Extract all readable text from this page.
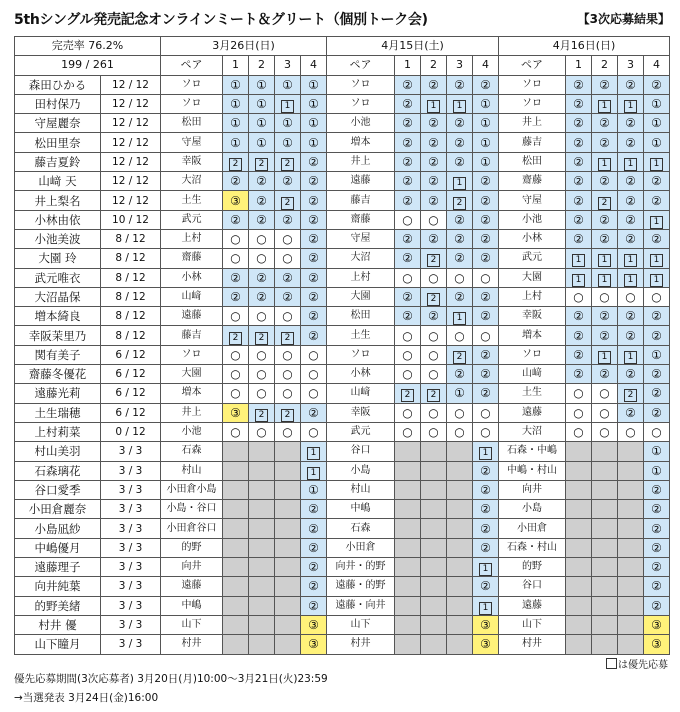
5thシングル発売記念オンラインミート＆グリート（個別トーク会)	【3次応募結果】
完売率 76.2%		3月26日(日)					4月15日(土)					4月16日(日)				
199 / 261		ペア	1	2	3	4	ペア	1	2	3	4	ペア	1	2	3	4
森田ひかる	12 / 12	ソロ	①	①	①	①	ソロ	②	②	②	②	ソロ	②	②	②	②
田村保乃	12 / 12	ソロ	①	①	1	①	ソロ	②	1	1	①	ソロ	②	1	1	①
守屋麗奈	12 / 12	松田	①	①	①	①	小池	②	②	②	①	井上	②	②	②	①
松田里奈	12 / 12	守屋	①	①	①	①	増本	②	②	②	①	藤吉	②	②	②	①
藤吉夏鈴	12 / 12	幸阪	2	2	2	②	井上	②	②	②	①	松田	②	1	1	1
山﨑 天	12 / 12	大沼	②	②	②	②	遠藤	②	②	1	②	齋藤	②	②	②	②
井上梨名	12 / 12	土生	③	②	2	②	藤吉	②	②	2	②	守屋	②	2	②	②
小林由依	10 / 12	武元	②	②	②	②	齋藤	○	○	②	②	小池	②	②	②	1
小池美波	8 / 12	上村	○	○	○	②	守屋	②	②	②	②	小林	②	②	②	②
大園 玲	8 / 12	齋藤	○	○	○	②	大沼	②	2	②	②	武元	1	1	1	1
武元唯衣	8 / 12	小林	②	②	②	②	上村	○	○	○	○	大園	1	1	1	1
大沼晶保	8 / 12	山﨑	②	②	②	②	大園	②	2	②	②	上村	○	○	○	○
増本綺良	8 / 12	遠藤	○	○	○	②	松田	②	②	1	②	幸阪	②	②	②	②
幸阪茉里乃	8 / 12	藤吉	2	2	2	②	土生	○	○	○	○	増本	②	②	②	②
関有美子	6 / 12	ソロ	○	○	○	○	ソロ	○	○	2	②	ソロ	②	1	1	①
齋藤冬優花	6 / 12	大園	○	○	○	○	小林	○	○	②	②	山﨑	②	②	②	②
遠藤光莉	6 / 12	増本	○	○	○	○	山﨑	2	2	①	②	土生	○	○	2	②
土生瑞穂	6 / 12	井上	③	2	2	②	幸阪	○	○	○	○	遠藤	○	○	②	②
上村莉菜	0 / 12	小池	○	○	○	○	武元	○	○	○	○	大沼	○	○	○	○
村山美羽	3 / 3	石森				1	谷口				1	石森・中嶋				①
石森璃花	3 / 3	村山				1	小島				②	中嶋・村山				①
谷口愛季	3 / 3	小田倉小島				①	村山				②	向井				②
小田倉麗奈	3 / 3	小島・谷口				②	中嶋				②	小島				②
小島凪紗	3 / 3	小田倉谷口				②	石森				②	小田倉				②
中嶋優月	3 / 3	的野				②	小田倉				②	石森・村山				②
遠藤理子	3 / 3	向井				②	向井・的野				1	的野				②
向井純葉	3 / 3	遠藤				②	遠藤・的野				②	谷口				②
的野美緒	3 / 3	中嶋				②	遠藤・向井				1	遠藤				②
村井 優	3 / 3	山下				③	山下				③	山下				③
山下瞳月	3 / 3	村井				③	村井				③	村井				③
は優先応募
優先応募期間(3次応募者) 3月20日(月)10:00～3月21日(火)23:59
→当選発表 3月24日(金)16:00
